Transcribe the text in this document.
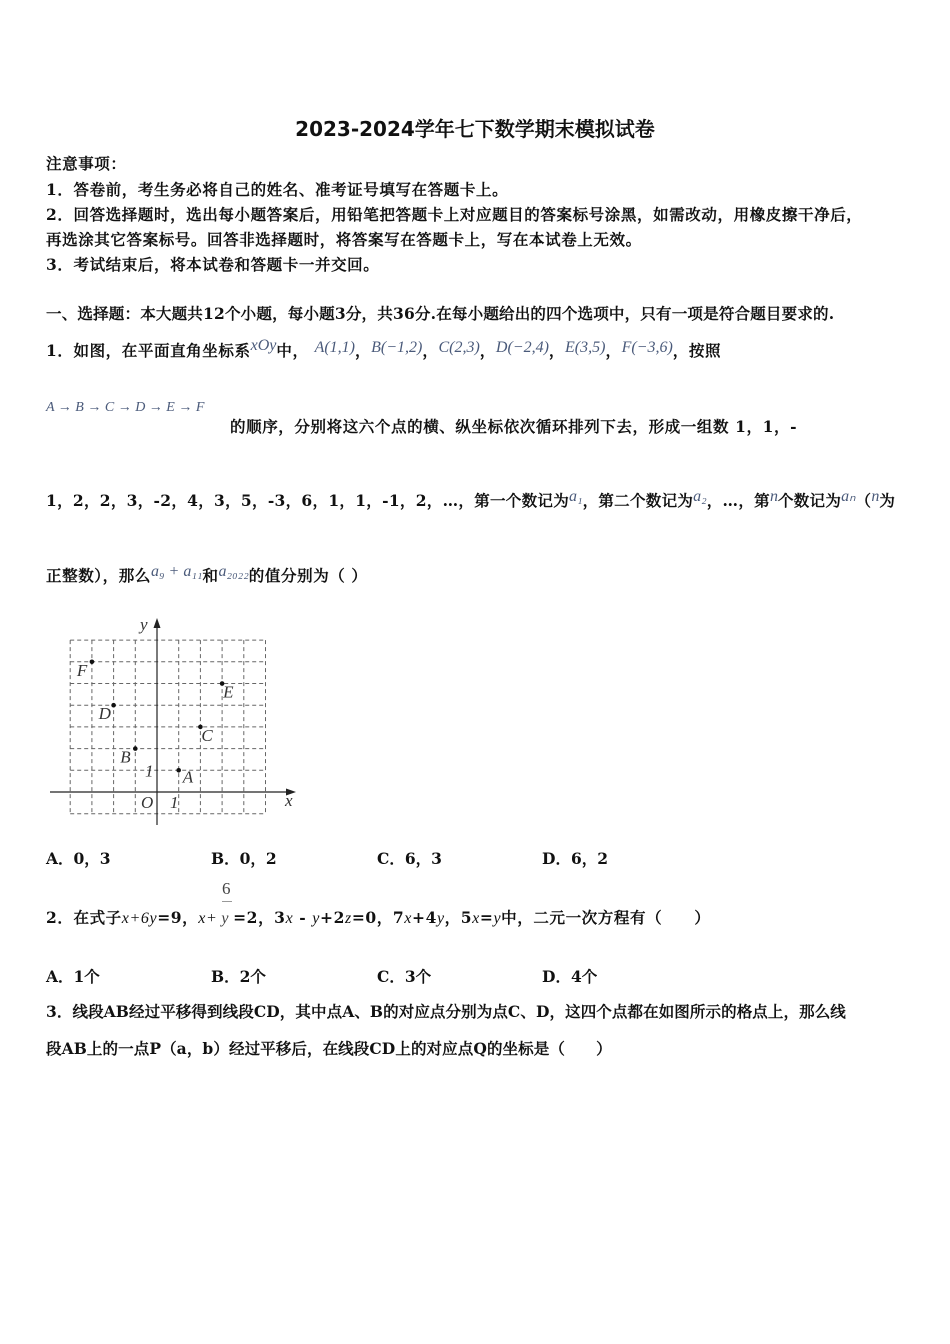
2023-2024学年七下数学期末模拟试卷
注意事项：
1．答卷前，考生务必将自己的姓名、准考证号填写在答题卡上。
2．回答选择题时，选出每小题答案后，用铅笔把答题卡上对应题目的答案标号涂黑，如需改动，用橡皮擦干净后，
再选涂其它答案标号。回答非选择题时，将答案写在答题卡上，写在本试卷上无效。
3．考试结束后，将本试卷和答题卡一并交回。
一、选择题：本大题共12个小题，每小题3分，共36分.在每小题给出的四个选项中，只有一项是符合题目要求的.
1．如图，在平面直角坐标系xOy中， A(1,1)，B(−1,2)，C(2,3)，D(−2,4)，E(3,5)，F(−3,6)，按照
A → B → C → D → E → F
的顺序，分别将这六个点的横、纵坐标依次循环排列下去，形成一组数 1，1，-
1，2，2，3，-2，4，3，5，-3，6，1，1，-1，2，…，第一个数记为a₁，第二个数记为a₂，…，第n个数记为aₙ（n为
正整数），那么a₉ + a₁₁和a₂₀₂₂的值分别为（ ）
x
y
O 1
1 A
B
C
D
E
F
A．0，3	B．0，2	C．6，3	D．6，2
6
2．在式子x+6y=9，x+ y =2，3x - y+2z=0，7x+4y，5x=y中，二元一次方程有（　　）
A．1个	B．2个	C．3个	D．4个
3．线段AB经过平移得到线段CD，其中点A、B的对应点分别为点C、D，这四个点都在如图所示的格点上，那么线
段AB上的一点P（a，b）经过平移后，在线段CD上的对应点Q的坐标是（　　）
